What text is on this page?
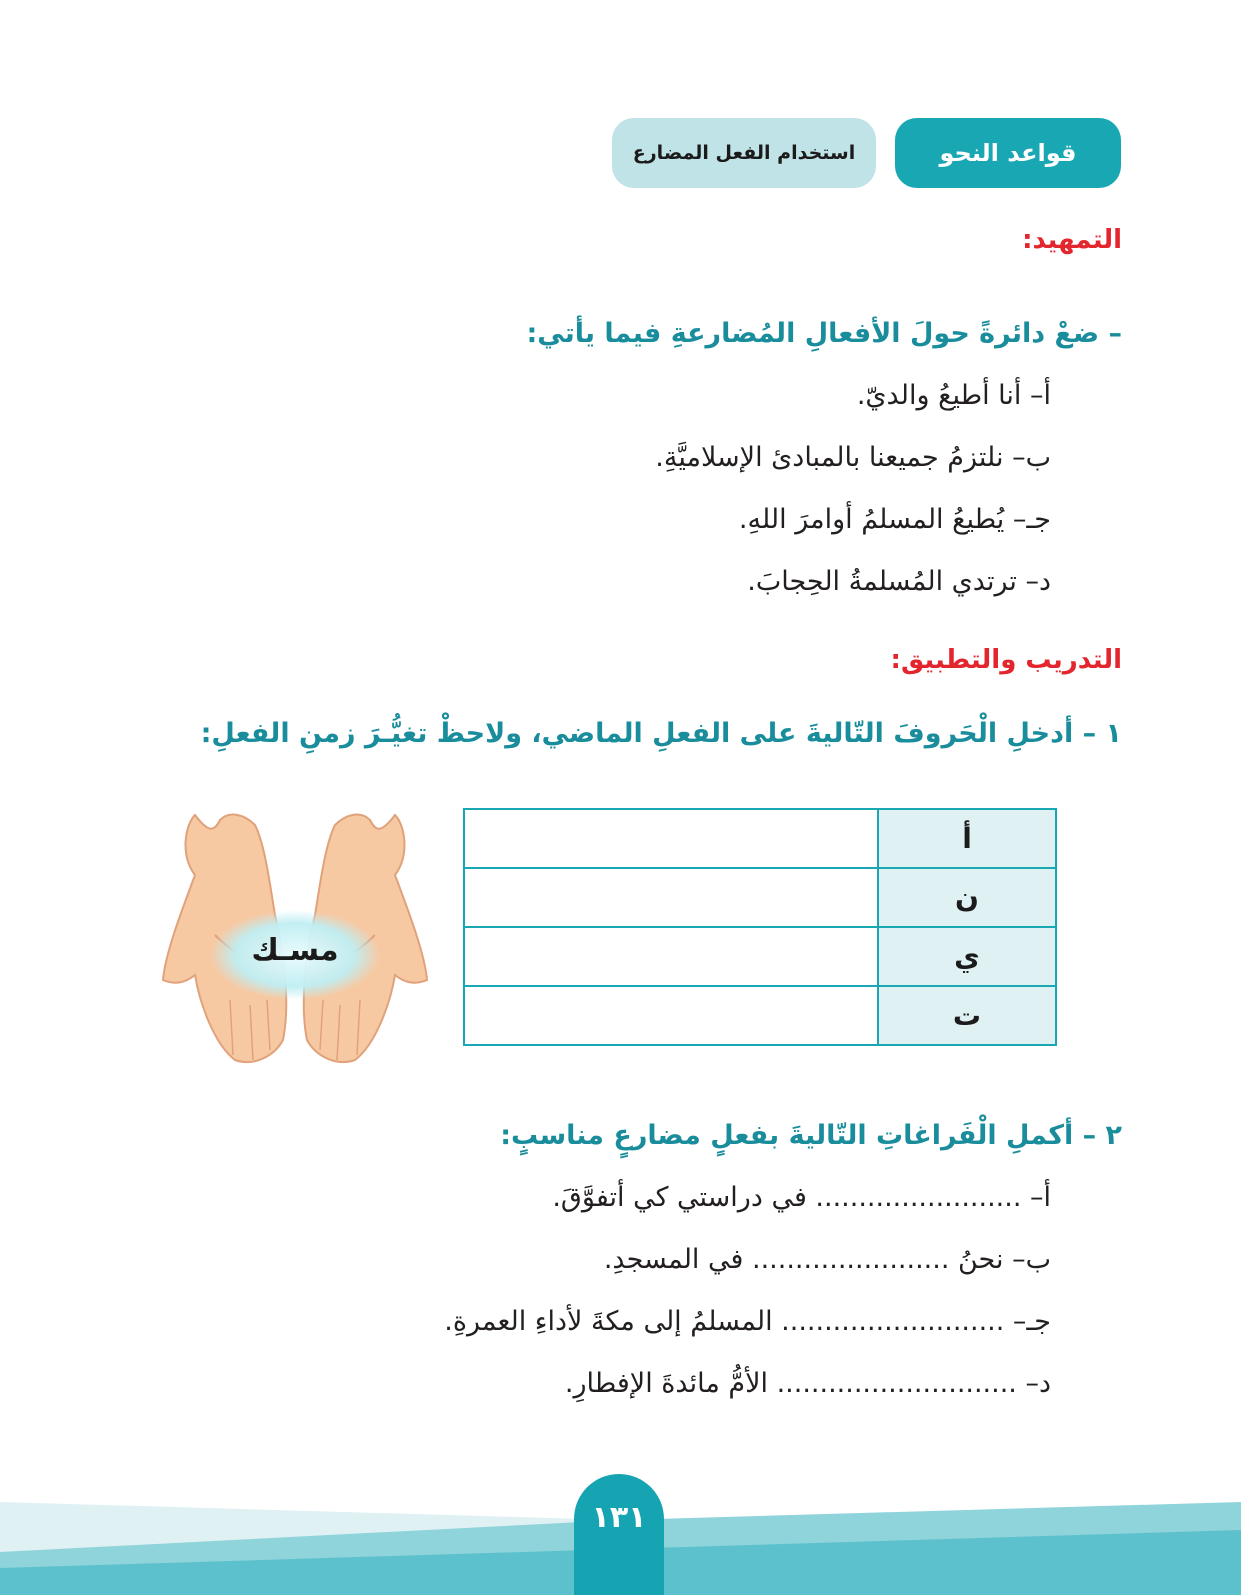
قواعد النحو
استخدام الفعل المضارع
التمهيد:
– ضعْ دائرةً حولَ الأفعالِ المُضارعةِ فيما يأتي:
أ– أنا أطيعُ والديّ.
ب– نلتزمُ جميعنا بالمبادئ الإسلاميَّةِ.
جـ– يُطيعُ المسلمُ أوامرَ اللهِ.
د– ترتدي المُسلمةُ الحِجابَ.
التدريب والتطبيق:
١ – أدخلِ الْحَروفَ التّاليةَ على الفعلِ الماضي، ولاحظْ تغيُّـرَ زمنِ الفعلِ:
أ	
ن	
ي	
ت	
مسـك
٢ – أكملِ الْفَراغاتِ التّاليةَ بفعلٍ مضارعٍ مناسبٍ:
أ– ........................ في دراستي كي أتفوَّقَ.
ب– نحنُ ....................... في المسجدِ.
جـ– .......................... المسلمُ إلى مكةَ لأداءِ العمرةِ.
د– ............................ الأمُّ مائدةَ الإفطارِ.
١٣١
